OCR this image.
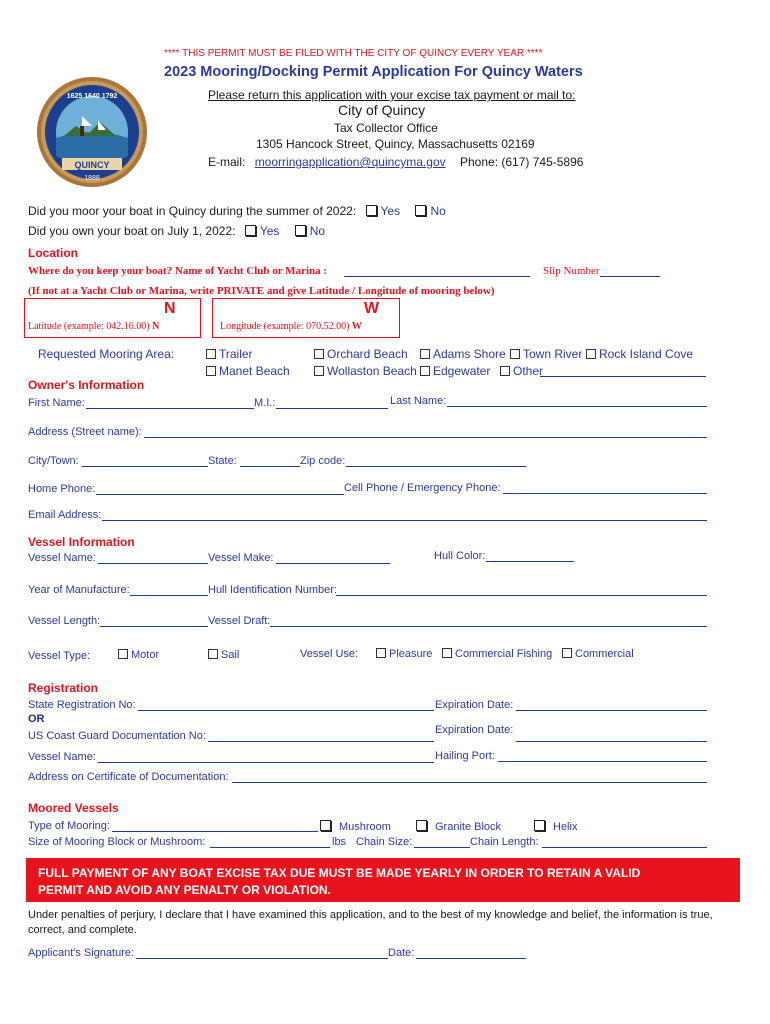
**** THIS PERMIT MUST BE FILED WITH THE CITY OF QUINCY EVERY YEAR ****
2023 Mooring/Docking Permit Application For Quincy Waters
Please return this application with your excise tax payment or mail to:
City of Quincy
Tax Collector Office
1305 Hancock Street, Quincy, Massachusetts 02169
E-mail: moorringapplication@quincyma.gov Phone: (617) 745-5896
QUINCY
1888
1625 1640 1792
Did you moor your boat in Quincy during the summer of 2022: Yes	No
Did you own your boat on July 1, 2022: Yes	No
Location
Where do you keep your boat? Name of Yacht Club or Marina :	Slip Number
(If not at a Yacht Club or Marina, write PRIVATE and give Latitude / Longitude of mooring below)
N
Latitude (example: 042.16.00) N
W
Longitude (example: 070.52.00) W
Requested Mooring Area:	Trailer	Orchard Beach	Adams Shore	Town River	Rock Island Cove
Manet Beach	Wollaston Beach	Edgewater	Other
Owner's Information
First Name:	M.I.:	Last Name:
Address (Street name):
City/Town:	State:	Zip code:
Home Phone:	Cell Phone / Emergency Phone:
Email Address:
Vessel Information
Vessel Name:	Vessel Make:	Hull Color:
Year of Manufacture:	Hull Identification Number:
Vessel Length:	Vessel Draft:
Vessel Type:	Motor	Sail	Vessel Use:	Pleasure	Commercial Fishing	Commercial
Registration
State Registration No:	Expiration Date:
OR
US Coast Guard Documentation No:	Expiration Date:
Vessel Name:	Hailing Port:
Address on Certificate of Documentation:
Moored Vessels
Type of Mooring:	Mushroom	Granite Block	Helix
Size of Mooring Block or Mushroom:	lbs Chain Size:	Chain Length:
FULL PAYMENT OF ANY BOAT EXCISE TAX DUE MUST BE MADE YEARLY IN ORDER TO RETAIN A VALID
PERMIT AND AVOID ANY PENALTY OR VIOLATION.
Under penalties of perjury, I declare that I have examined this application, and to the best of my knowledge and belief, the information is true,
correct, and complete.
Applicant's Signature:	Date:
